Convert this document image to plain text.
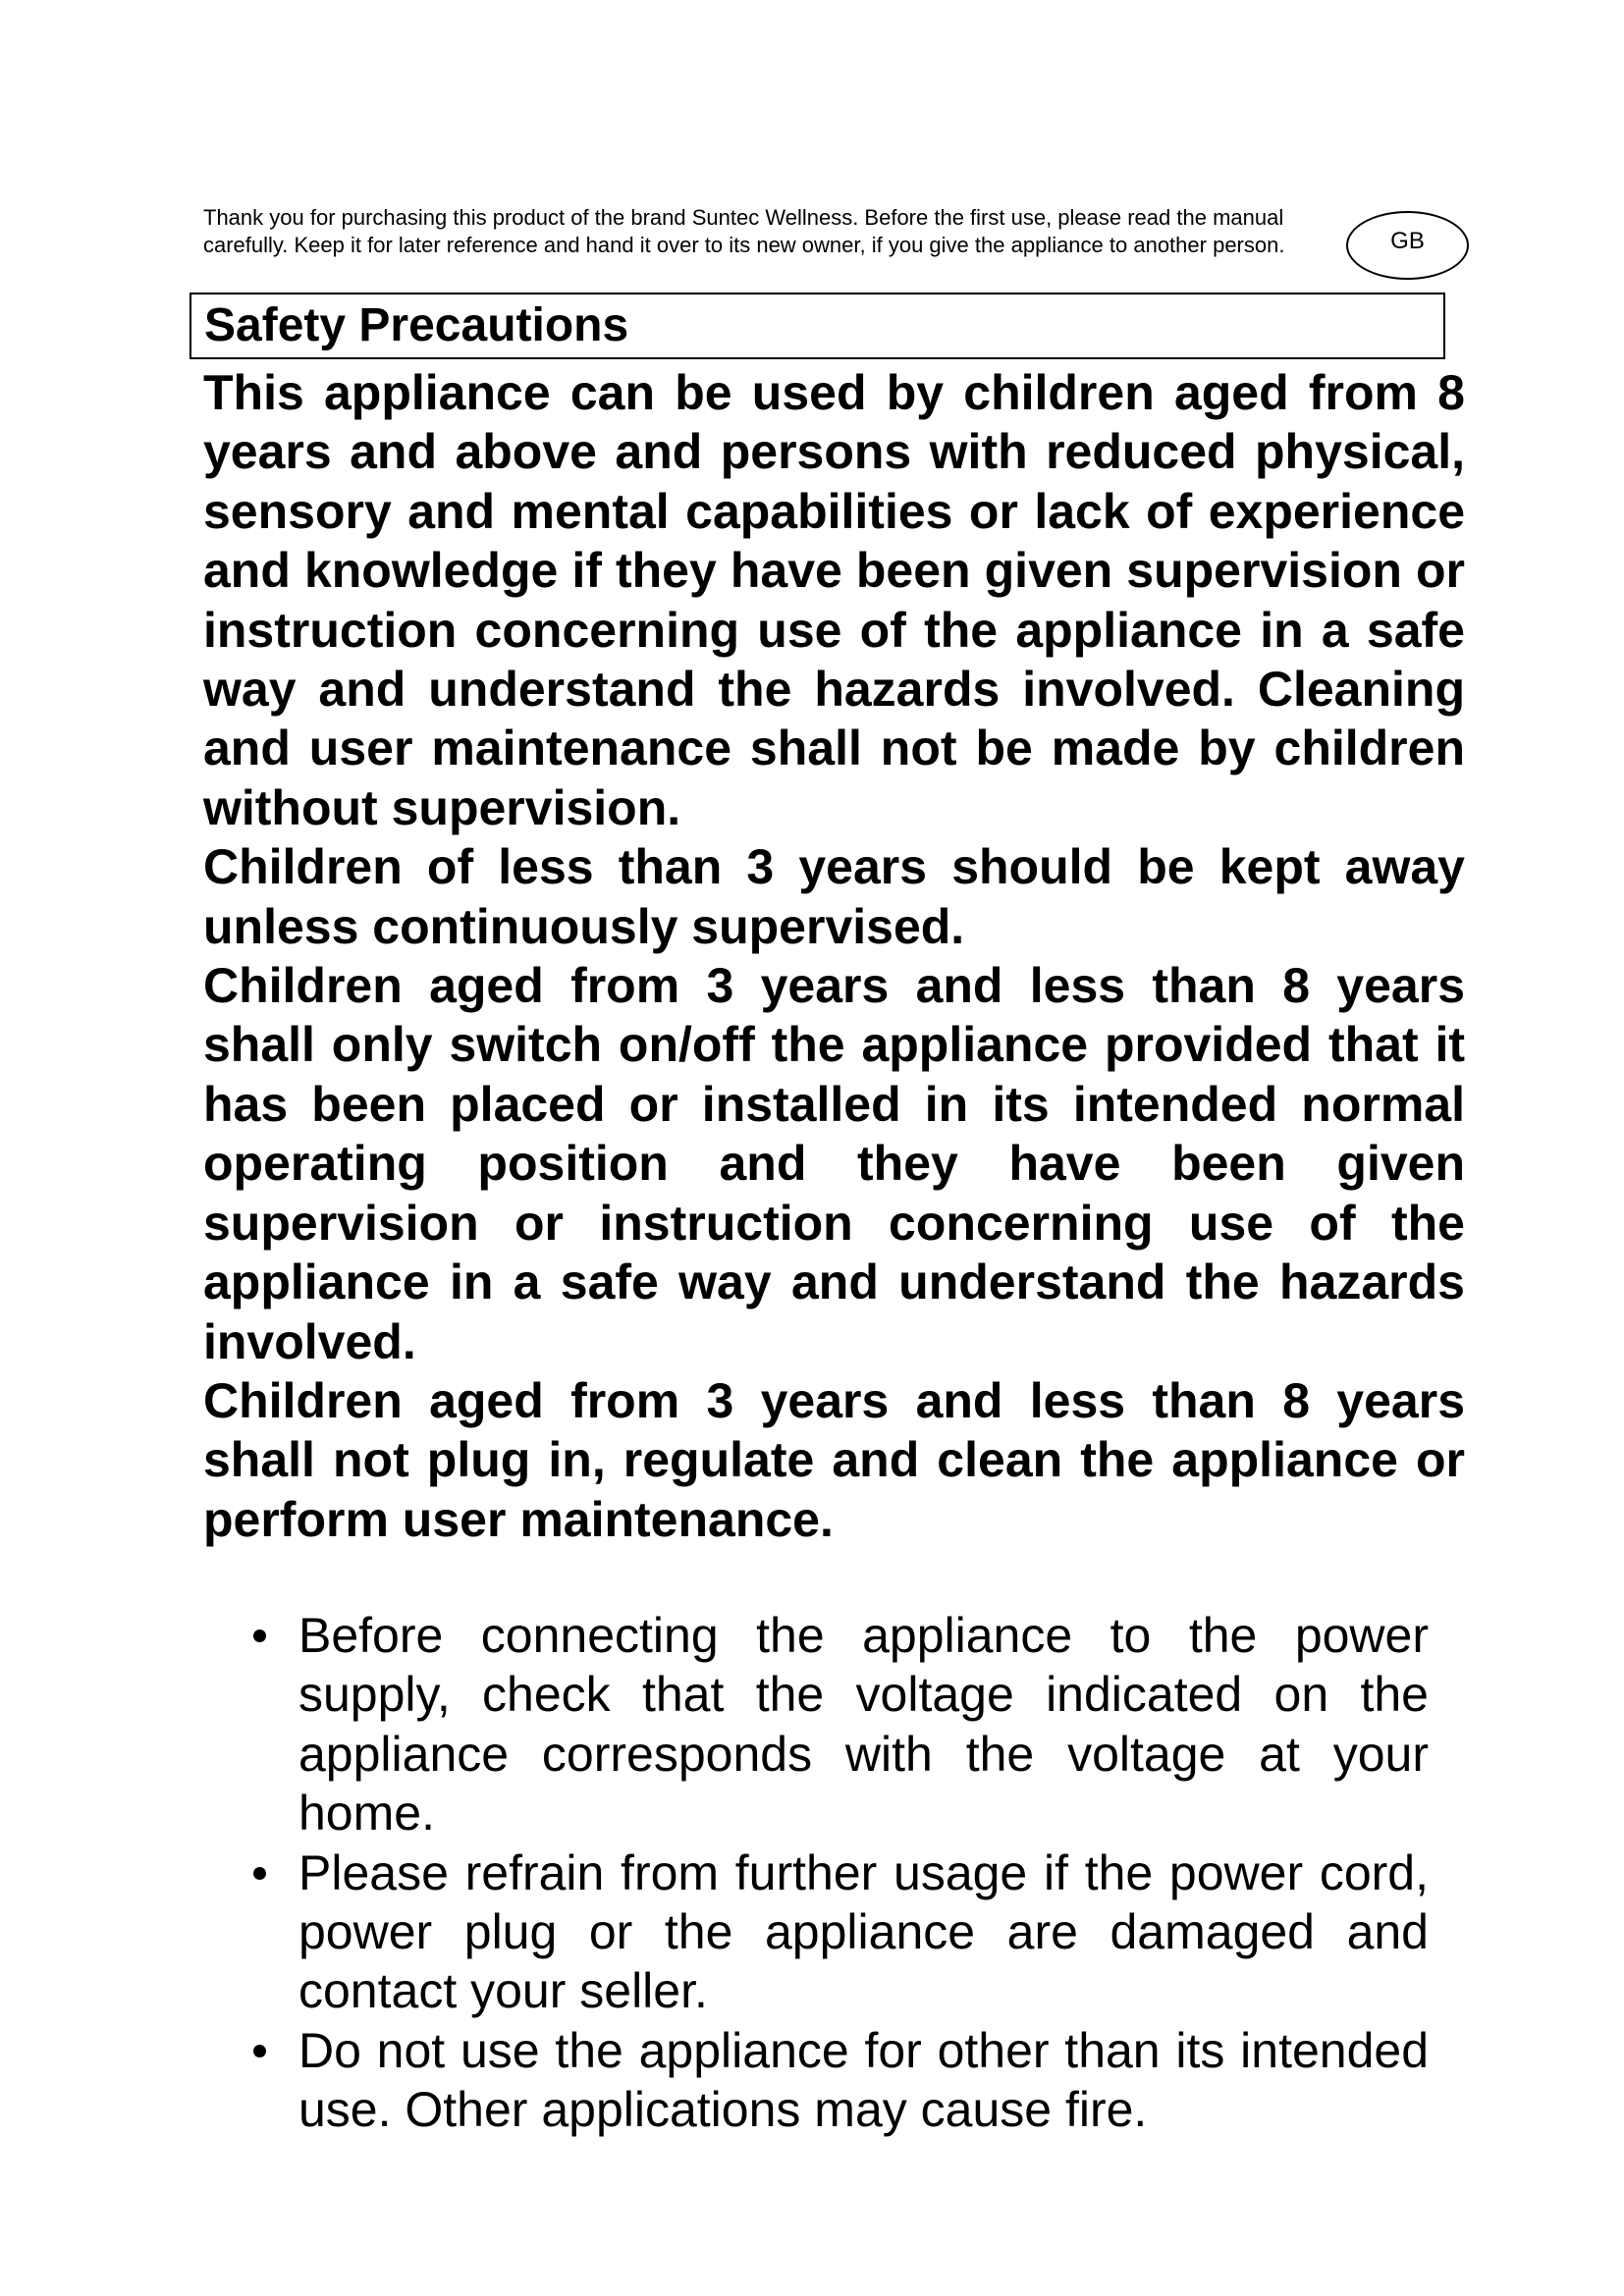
Thank you for purchasing this product of the brand Suntec Wellness. Before the first use, please read the manual carefully. Keep it for later reference and hand it over to its new owner, if you give the appliance to another person.	GB
Safety Precautions

This appliance can be used by children aged from 8 years and above and persons with reduced physical, sensory and mental capabilities or lack of experience and knowledge if they have been given supervision or instruction concerning use of the appliance in a safe way and understand the hazards involved. Cleaning and user maintenance shall not be made by children without supervision.

Children of less than 3 years should be kept away unless continuously supervised.

Children aged from 3 years and less than 8 years shall only switch on/off the appliance provided that it has been placed or installed in its intended normal operating position and they have been given supervision or instruction concerning use of the appliance in a safe way and understand the hazards involved.

Children aged from 3 years and less than 8 years shall not plug in, regulate and clean the appliance or perform user maintenance.

Before connecting the appliance to the power supply, check that the voltage indicated on the appliance corresponds with the voltage at your home.
Please refrain from further usage if the power cord, power plug or the appliance are damaged and contact your seller.
Do not use the appliance for other than its intended use. Other applications may cause fire.
